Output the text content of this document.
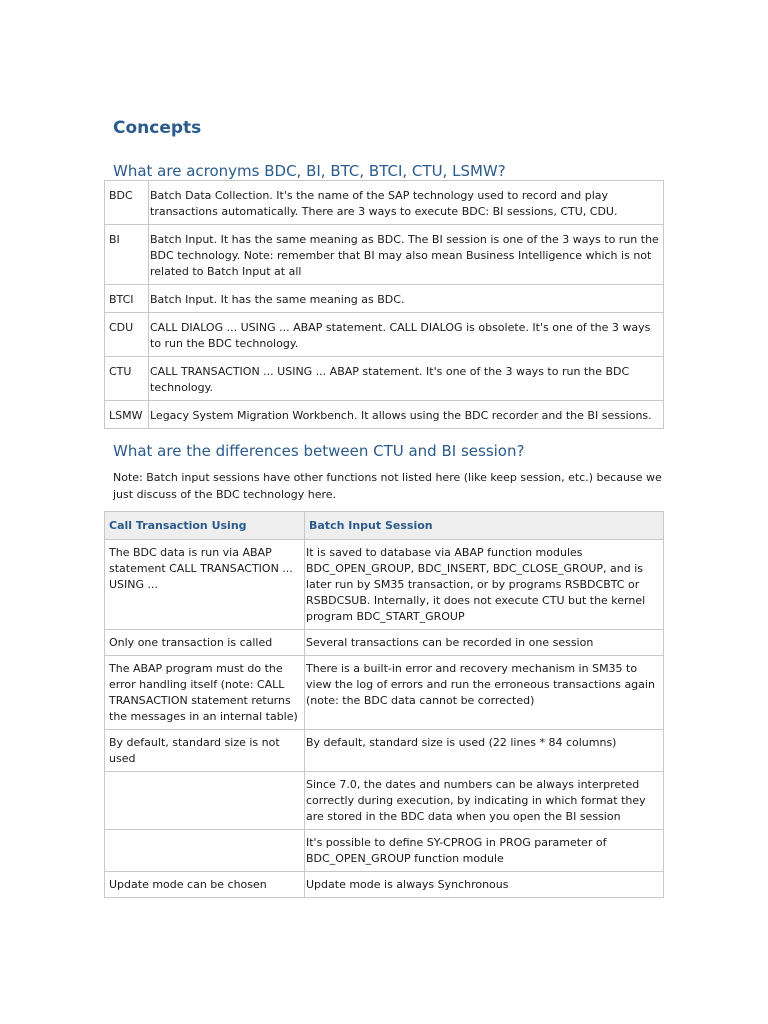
Concepts
What are acronyms BDC, BI, BTC, BTCI, CTU, LSMW?
BDC	Batch Data Collection. It's the name of the SAP technology used to record and play transactions automatically. There are 3 ways to execute BDC: BI sessions, CTU, CDU.
BI	Batch Input. It has the same meaning as BDC. The BI session is one of the 3 ways to run the BDC technology. Note: remember that BI may also mean Business Intelligence which is not related to Batch Input at all
BTCI	Batch Input. It has the same meaning as BDC.
CDU	CALL DIALOG ... USING ... ABAP statement. CALL DIALOG is obsolete. It's one of the 3 ways to run the BDC technology.
CTU	CALL TRANSACTION ... USING ... ABAP statement. It's one of the 3 ways to run the BDC technology.
LSMW	Legacy System Migration Workbench. It allows using the BDC recorder and the BI sessions.
What are the differences between CTU and BI session?

Note: Batch input sessions have other functions not listed here (like keep session, etc.) because we just discuss of the BDC technology here.

Call Transaction Using	Batch Input Session
The BDC data is run via ABAP statement CALL TRANSACTION ... USING ...	It is saved to database via ABAP function modules BDC_OPEN_GROUP, BDC_INSERT, BDC_CLOSE_GROUP, and is later run by SM35 transaction, or by programs RSBDCBTC or RSBDCSUB. Internally, it does not execute CTU but the kernel program BDC_START_GROUP
Only one transaction is called	Several transactions can be recorded in one session
The ABAP program must do the error handling itself (note: CALL TRANSACTION statement returns the messages in an internal table)	There is a built-in error and recovery mechanism in SM35 to view the log of errors and run the erroneous transactions again (note: the BDC data cannot be corrected)
By default, standard size is not used	By default, standard size is used (22 lines * 84 columns)
	Since 7.0, the dates and numbers can be always interpreted correctly during execution, by indicating in which format they are stored in the BDC data when you open the BI session
	It's possible to define SY-CPROG in PROG parameter of BDC_OPEN_GROUP function module
Update mode can be chosen	Update mode is always Synchronous
